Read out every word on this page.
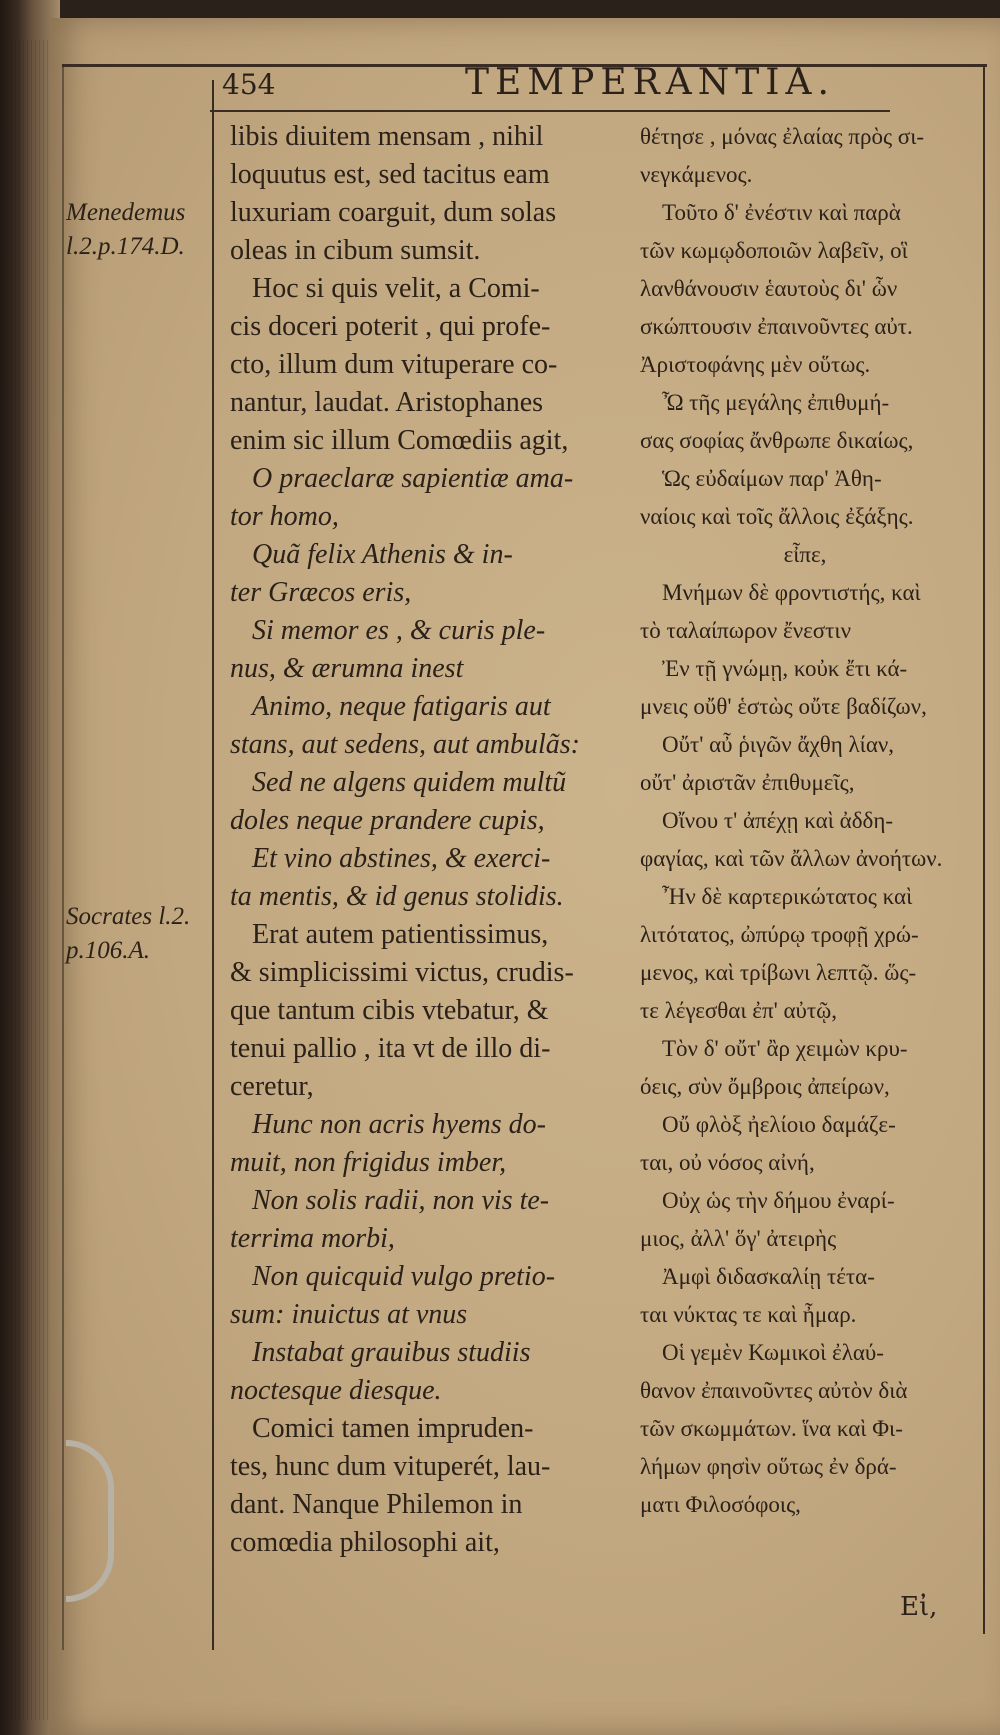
454	TEMPERANTIA.
Menedemus
l.2.p.174.D.
Socrates l.2.
p.106.A.
libis diuitem mensam , nihil
loquutus est, sed tacitus eam
luxuriam coarguit, dum solas
oleas in cibum sumsit.
Hoc si quis velit, a Comi-
cis doceri poterit , qui profe-
cto, illum dum vituperare co-
nantur, laudat. Aristophanes
enim sic illum Comœdiis agit,
O praeclaræ sapientiæ ama-
tor homo,
Quã felix Athenis & in-
ter Græcos eris,
Si memor es , & curis ple-
nus, & ærumna inest
Animo, neque fatigaris aut
stans, aut sedens, aut ambulãs:
Sed ne algens quidem multũ
doles neque prandere cupis,
Et vino abstines, & exerci-
ta mentis, & id genus stolidis.
Erat autem patientissimus,
& simplicissimi victus, crudis-
que tantum cibis vtebatur, &
tenui pallio , ita vt de illo di-
ceretur,
Hunc non acris hyems do-
muit, non frigidus imber,
Non solis radii, non vis te-
terrima morbi,
Non quicquid vulgo pretio-
sum: inuictus at vnus
Instabat grauibus studiis
noctesque diesque.
Comici tamen impruden-
tes, hunc dum vituperét, lau-
dant. Nanque Philemon in
comœdia philosophi ait,
θέτησε , μόνας ἐλαίας πρὸς σι-
νεγκάμενος.
Τοῦτο δ' ἐνέστιν καὶ παρὰ
τῶν κωμῳδοποιῶν λαβεῖν, οἳ
λανθάνουσιν ἑαυτοὺς δι' ὧν
σκώπτουσιν ἐπαινοῦντες αὐτ.
Ἀριστοφάνης μὲν οὕτως.
Ὦ τῆς μεγάλης ἐπιθυμή-
σας σοφίας ἄνθρωπε δικαίως,
Ὡς εὐδαίμων παρ' Ἀθη-
ναίοις καὶ τοῖς ἄλλοις ἐξάξης.
εἶπε,
Μνήμων δὲ φροντιστής, καὶ
τὸ ταλαίπωρον ἔνεστιν
Ἐν τῇ γνώμῃ, κοὐκ ἔτι κά-
μνεις οὔθ' ἑστὼς οὔτε βαδίζων,
Οὔτ' αὖ ῥιγῶν ἄχθη λίαν,
οὔτ' ἀριστᾶν ἐπιθυμεῖς,
Οἴνου τ' ἀπέχῃ καὶ ἀδδη-
φαγίας, καὶ τῶν ἄλλων ἀνοήτων.
Ἦν δὲ καρτερικώτατος καὶ
λιτότατος, ὠπύρῳ τροφῇ χρώ-
μενος, καὶ τρίβωνι λεπτῷ. ὥς-
τε λέγεσθαι ἐπ' αὐτῷ,
Τὸν δ' οὔτ' ἂρ χειμὼν κρυ-
όεις, σὺν ὄμβροις ἀπείρων,
Οὔ φλὸξ ἠελίοιο δαμάζε-
ται, οὐ νόσος αἰνή,
Οὐχ ὡς τὴν δήμου ἐναρί-
μιος, ἀλλ' ὅγ' ἀτειρὴς
Ἀμφὶ διδασκαλίῃ τέτα-
ται νύκτας τε καὶ ἦμαρ.
Οἱ γεμὲν Κωμικοὶ ἐλαύ-
θανον ἐπαινοῦντες αὐτὸν διὰ
τῶν σκωμμάτων. ἵνα καὶ Φι-
λήμων φησὶν οὕτως ἐν δρά-
ματι Φιλοσόφοις,
Εἰ,
